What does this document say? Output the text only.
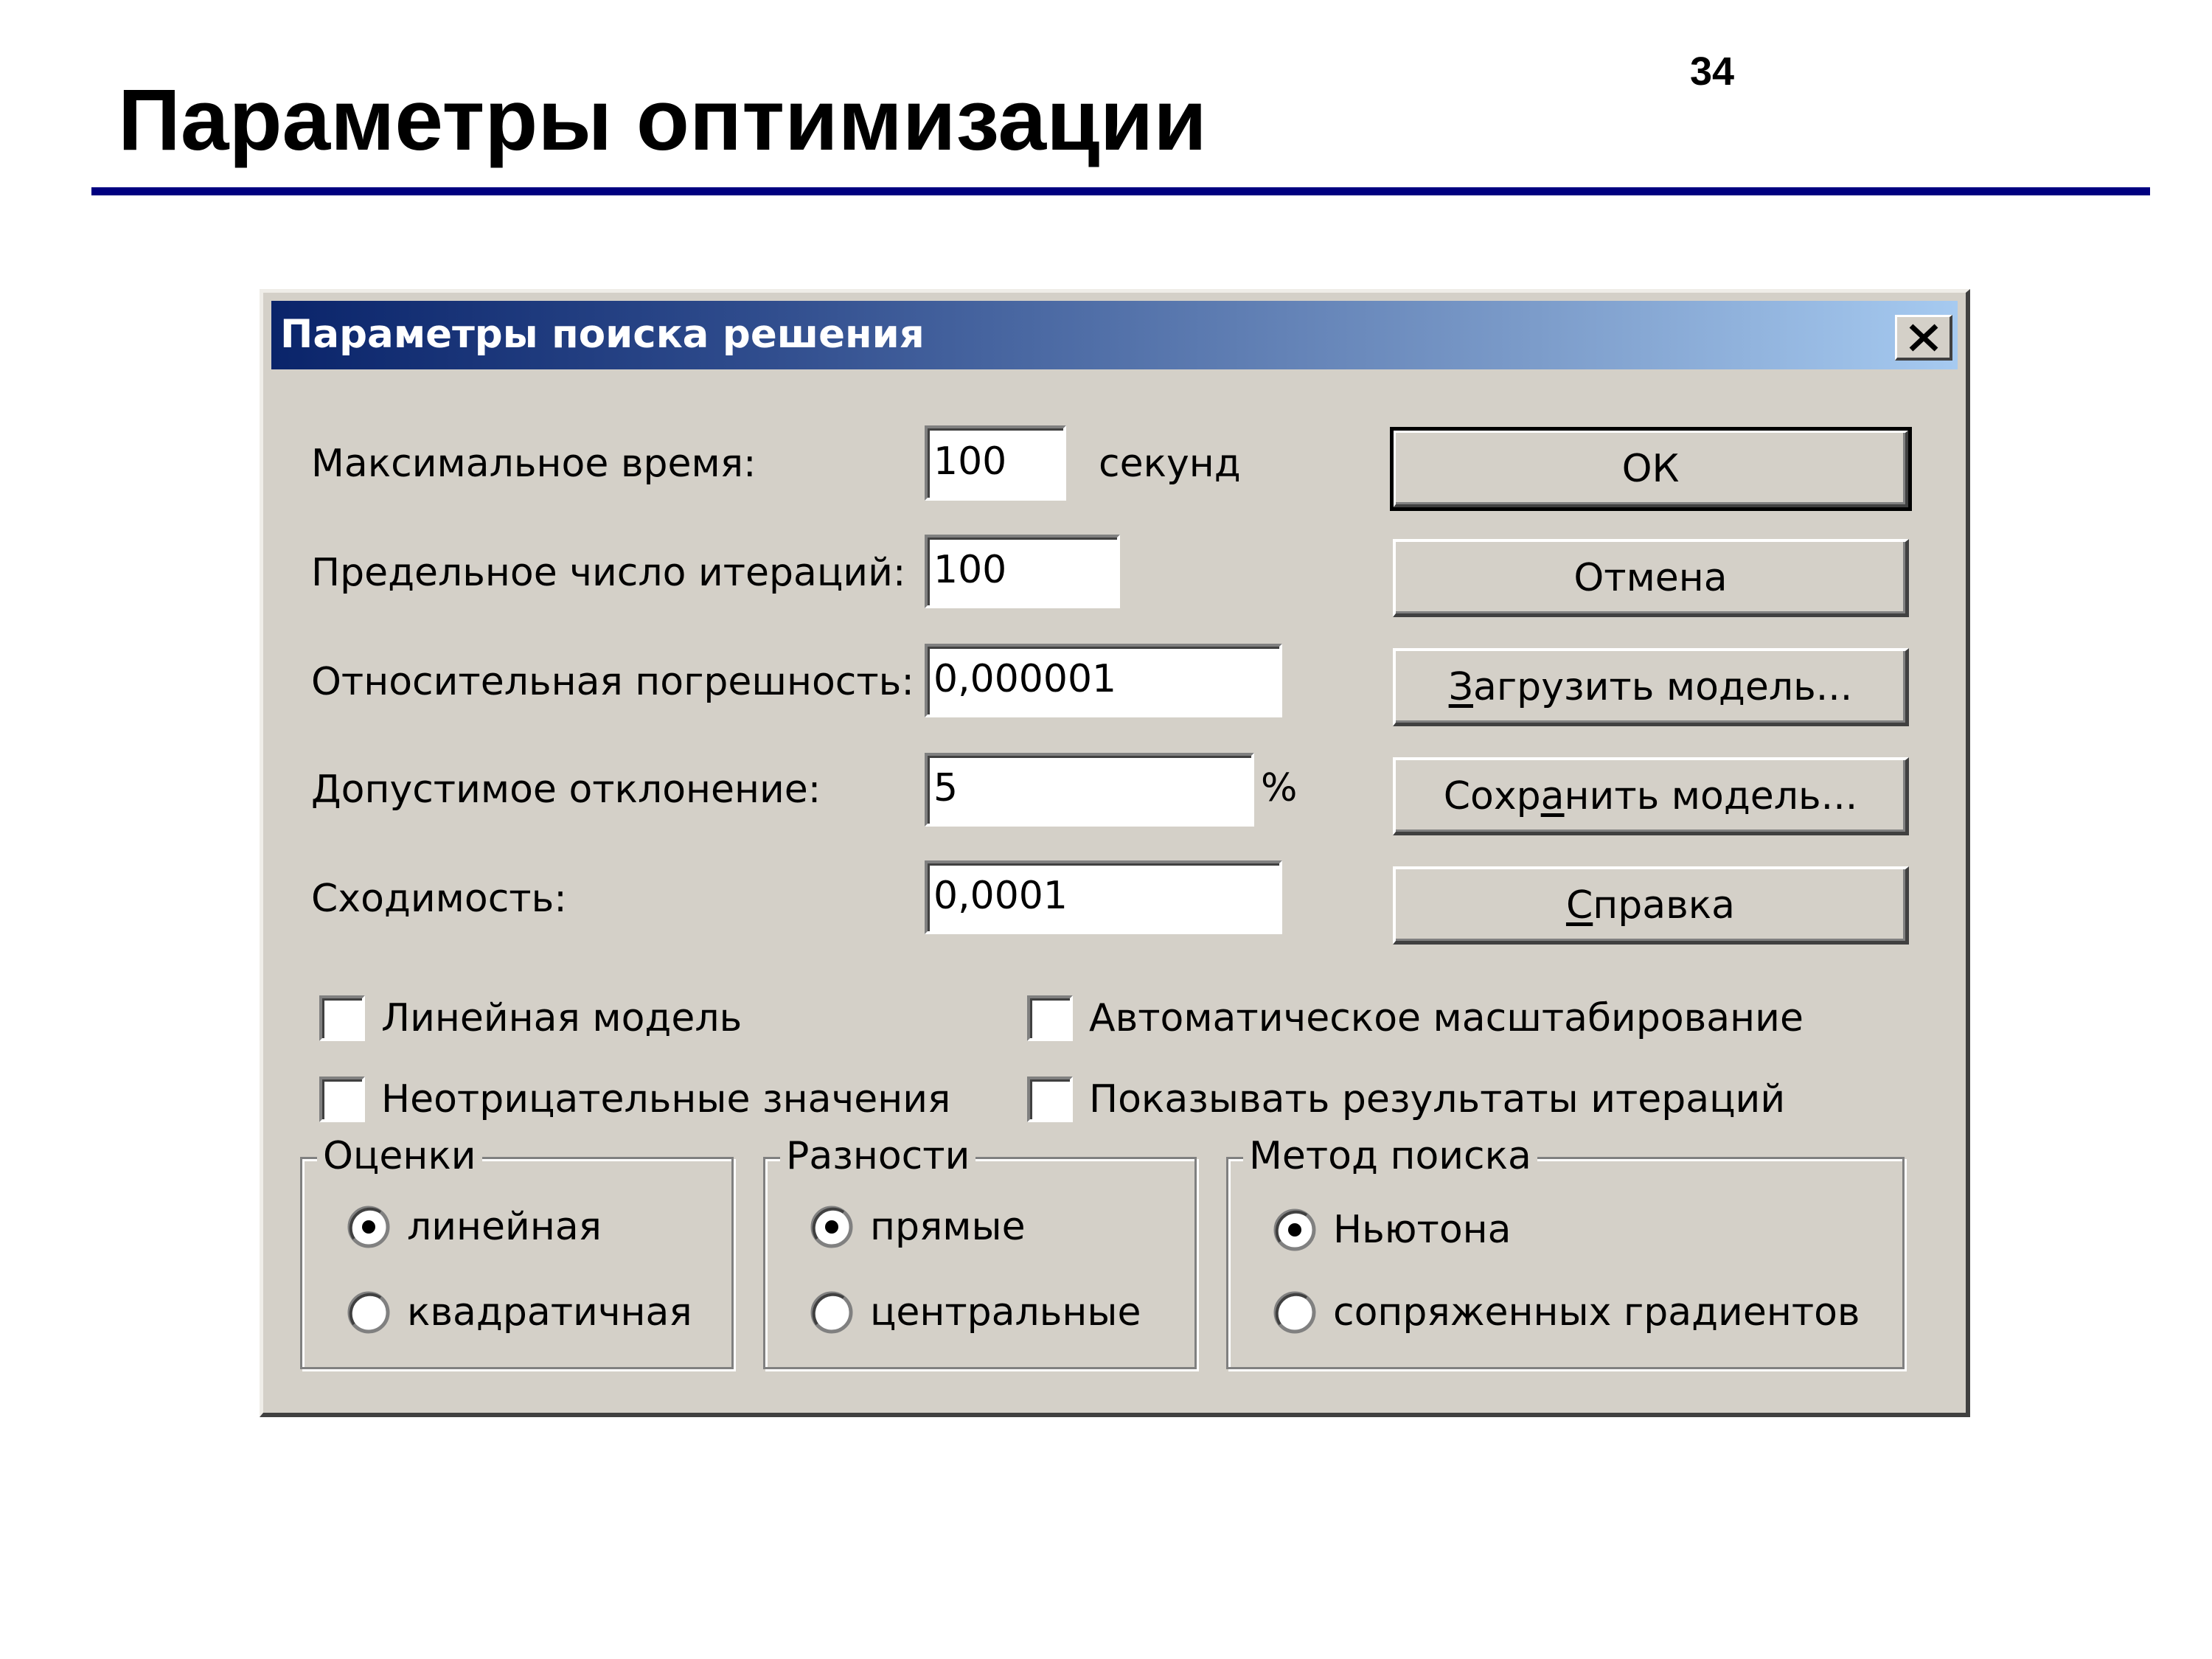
Параметры оптимизации	34
Параметры поиска решения
Максимальное время:
100	секунд
Предельное число итераций:
100
Относительная погрешность:
0,000001
Допустимое отклонение:
5	%
Сходимость:
0,0001
ОК
Отмена
З агрузить модель...
Сохр а нить модель...
С правка
Линейная модель	Автоматическое масштабирование
Неотрицательные значения	Показывать результаты итераций
Оценки
линейная
квадратичная
Разности
прямые
центральные
Метод поиска
Ньютона
сопряженных градиентов
